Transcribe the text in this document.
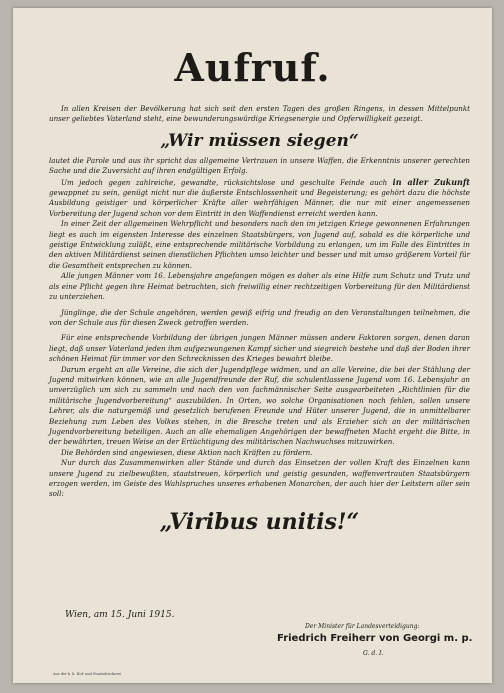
Aufruf.

In allen Kreisen der Bevölkerung hat sich seit den ersten Tagen des großen Ringens, in dessen Mittelpunkt unser geliebtes Vaterland steht, eine bewunderungswürdige Kriegsenergie und Opferwilligkeit gezeigt.

„Wir müssen siegen“

lautet die Parole und aus ihr spricht das allgemeine Vertrauen in unsere Waffen, die Erkenntnis unserer gerechten Sache und die Zuversicht auf ihren endgültigen Erfolg.

Um jedoch gegen zahlreiche, gewandte, rücksichtslose und geschulte Feinde auch in aller Zukunft gewappnet zu sein, genügt nicht nur die äußerste Entschlossenheit und Begeisterung; es gehört dazu die höchste Ausbildung geistiger und körperlicher Kräfte aller wehrfähigen Männer, die nur mit einer angemessenen Vorbereitung der Jugend schon vor dem Eintritt in den Waffendienst erreicht werden kann.

In einer Zeit der allgemeinen Wehrpflicht und besonders nach den im jetzigen Kriege gewonnenen Erfahrungen liegt es auch im eigensten Interesse des einzelnen Staatsbürgers, von Jugend auf, sobald es die körperliche und geistige Entwicklung zuläßt, eine entsprechende militärische Vorbildung zu erlangen, um im Falle des Eintrittes in den aktiven Militärdienst seinen dienstlichen Pflichten umso leichter und besser und mit umso größerem Vorteil für die Gesamtheit entsprechen zu können.

Alle jungen Männer vom 16. Lebensjahre angefangen mögen es daher als eine Hilfe zum Schutz und Trutz und als eine Pflicht gegen ihre Heimat betrachten, sich freiwillig einer rechtzeitigen Vorbereitung für den Militärdienst zu unterziehen.

Jünglinge, die der Schule angehören, werden gewiß eifrig und freudig an den Veranstaltungen teilnehmen, die von der Schule aus für diesen Zweck getroffen werden.

Für eine entsprechende Vorbildung der übrigen jungen Männer müssen andere Faktoren sorgen, denen daran liegt, daß unser Vaterland jeden ihm aufgezwungenen Kampf sicher und siegreich bestehe und daß der Boden ihrer schönen Heimat für immer vor den Schrecknissen des Krieges bewahrt bleibe.

Darum ergeht an alle Vereine, die sich der Jugendpflege widmen, und an alle Vereine, die bei der Stählung der Jugend mitwirken können, wie an alle Jugendfreunde der Ruf, die schulentlassene Jugend vom 16. Lebensjahr an unverzüglich um sich zu sammeln und nach den von fachmännischer Seite ausgearbeiteten „Richtlinien für die militärische Jugendvorbereitung“ auszubilden. In Orten, wo solche Organisationen noch fehlen, sollen unsere Lehrer, als die naturgemäß und gesetzlich berufenen Freunde und Hüter unserer Jugend, die in unmittelbarer Beziehung zum Leben des Volkes stehen, in die Bresche treten und als Erzieher sich an der militärischen Jugendvorbereitung beteiligen. Auch an alle ehemaligen Angehörigen der bewaffneten Macht ergeht die Bitte, in der bewährten, treuen Weise an der Ertüchtigung des militärischen Nachwuchses mitzuwirken.

Die Behörden sind angewiesen, diese Aktion nach Kräften zu fördern.

Nur durch das Zusammenwirken aller Stände und durch das Einsetzen der vollen Kraft des Einzelnen kann unsere Jugend zu zielbewußten, staatstreuen, körperlich und geistig gesunden, waffenvertrauten Staatsbürgern erzogen werden, im Geiste des Wahlspruches unseres erhabenen Monarchen, der auch hier der Leitstern aller sein soll:

„Viribus unitis!“
Wien, am 15. Juni 1915.
Der Minister für Landesverteidigung:
Friedrich Freiherr von Georgi m. p.
G. d. I.
Aus der k. k. Hof- und Staatsdruckerei
